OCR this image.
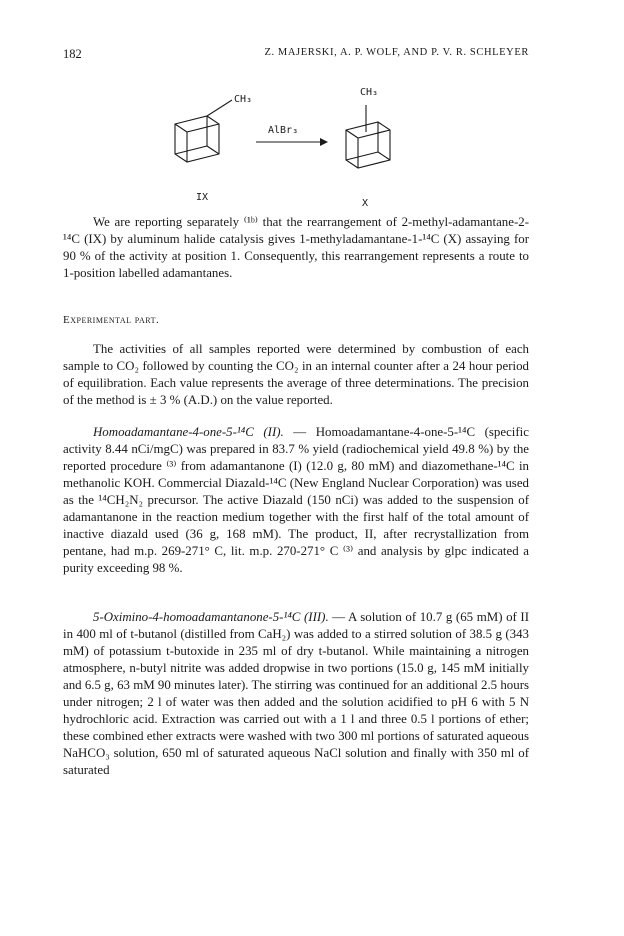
182	Z. MAJERSKI, A. P. WOLF, AND P. V. R. SCHLEYER
CH₃
AlBr₃
CH₃
IX
X

We are reporting separately ⁽¹ᵇ⁾ that the rearrangement of 2-methyl-adamantane-2-¹⁴C (IX) by aluminum halide catalysis gives 1-methyladamantane-1-¹⁴C (X) assaying for 90 % of the activity at position 1. Consequently, this rearrangement represents a route to 1-position labelled adamantanes.

Experimental part.

The activities of all samples reported were determined by combustion of each sample to CO₂ followed by counting the CO₂ in an internal counter after a 24 hour period of equilibration. Each value represents the average of three determinations. The precision of the method is ± 3 % (A.D.) on the value reported.

Homoadamantane-4-one-5-¹⁴C (II). — Homoadamantane-4-one-5-¹⁴C (specific activity 8.44 nCi/mgC) was prepared in 83.7 % yield (radiochemical yield 49.8 %) by the reported procedure ⁽³⁾ from adamantanone (I) (12.0 g, 80 mM) and diazomethane-¹⁴C in methanolic KOH. Commercial Diazald-¹⁴C (New England Nuclear Corporation) was used as the ¹⁴CH₂N₂ precursor. The active Diazald (150 nCi) was added to the suspension of adamantanone in the reaction medium together with the first half of the total amount of inactive diazald used (36 g, 168 mM). The product, II, after recrystallization from pentane, had m.p. 269-271° C, lit. m.p. 270-271° C ⁽³⁾ and analysis by glpc indicated a purity exceeding 98 %.

5-Oximino-4-homoadamantanone-5-¹⁴C (III). — A solution of 10.7 g (65 mM) of II in 400 ml of t-butanol (distilled from CaH₂) was added to a stirred solution of 38.5 g (343 mM) of potassium t-butoxide in 235 ml of dry t-butanol. While maintaining a nitrogen atmosphere, n-butyl nitrite was added dropwise in two portions (15.0 g, 145 mM initially and 6.5 g, 63 mM 90 minutes later). The stirring was continued for an additional 2.5 hours under nitrogen; 2 l of water was then added and the solution acidified to pH 6 with 5 N hydrochloric acid. Extraction was carried out with a 1 l and three 0.5 l portions of ether; these combined ether extracts were washed with two 300 ml portions of saturated aqueous NaHCO₃ solution, 650 ml of saturated aqueous NaCl solution and finally with 350 ml of saturated
